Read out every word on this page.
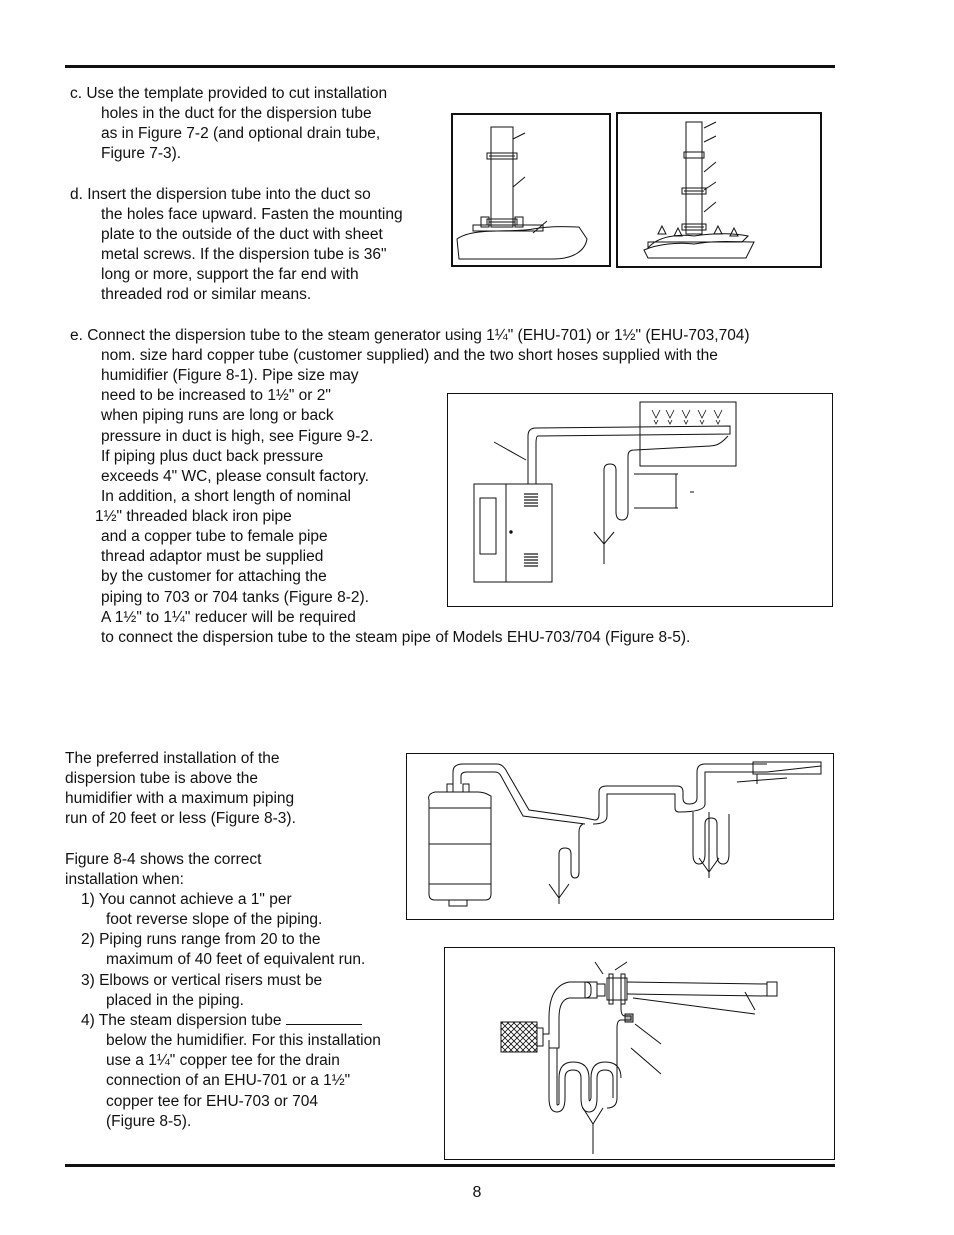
c. Use the template provided to cut installation
holes in the duct for the dispersion tube
as in Figure 7-2 (and optional drain tube,
Figure 7-3).
d. Insert the dispersion tube into the duct so
the holes face upward. Fasten the mounting
plate to the outside of the duct with sheet
metal screws. If the dispersion tube is 36"
long or more, support the far end with
threaded rod or similar means.
e. Connect the dispersion tube to the steam generator using 1¼" (EHU-701) or 1½" (EHU-703,704)
nom. size hard copper tube (customer supplied) and the two short hoses supplied with the
humidifier (Figure 8-1). Pipe size may
need to be increased to 1½" or 2"
when piping runs are long or back
pressure in duct is high, see Figure 9-2.
If piping plus duct back pressure
exceeds 4" WC, please consult factory.
In addition, a short length of nominal
1½" threaded black iron pipe
and a copper tube to female pipe
thread adaptor must be supplied
by the customer for attaching the
piping to 703 or 704 tanks (Figure 8-2).
A 1½" to 1¼" reducer will be required
to connect the dispersion tube to the steam pipe of Models EHU-703/704 (Figure 8-5).
The preferred installation of the
dispersion tube is above the
humidifier with a maximum piping
run of 20 feet or less (Figure 8-3).
Figure 8-4 shows the correct
installation when:
1) You cannot achieve a 1" per
foot reverse slope of the piping.
2) Piping runs range from 20 to the
maximum of 40 feet of equivalent run.
3) Elbows or vertical risers must be
placed in the piping.
4) The steam dispersion tube
below the humidifier. For this installation
use a 1¼" copper tee for the drain
connection of an EHU-701 or a 1½"
copper tee for EHU-703 or 704
(Figure 8-5).
8
